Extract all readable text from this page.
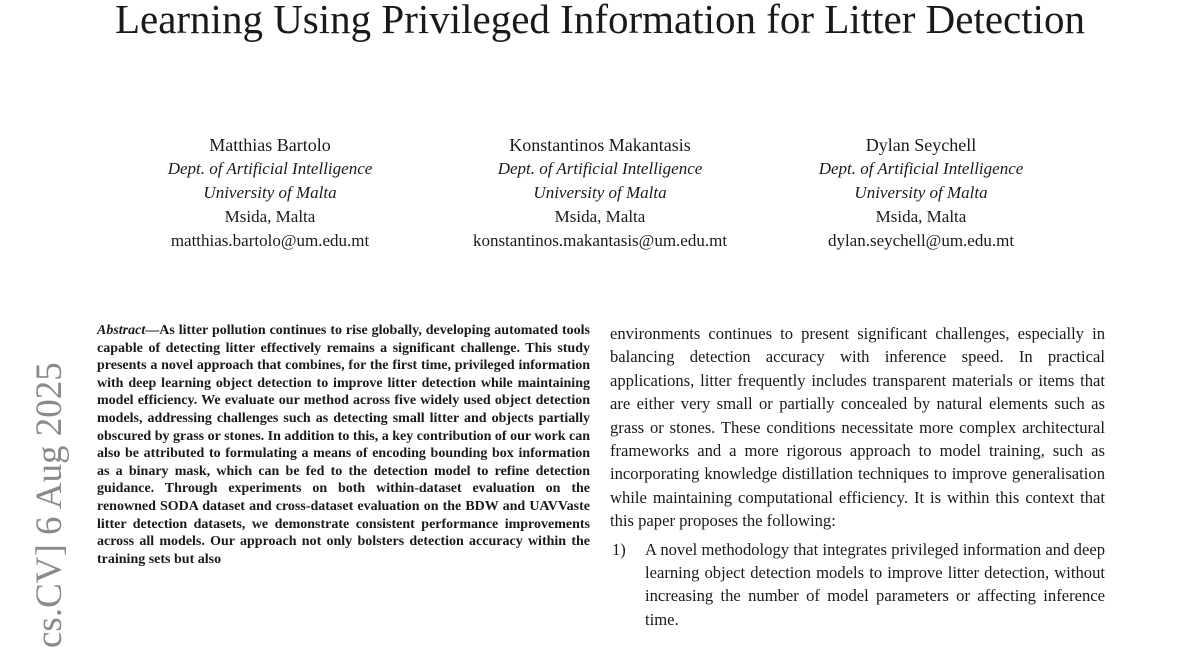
Learning Using Privileged Information for Litter Detection
Matthias Bartolo
Dept. of Artificial Intelligence
University of Malta
Msida, Malta
matthias.bartolo@um.edu.mt
Konstantinos Makantasis
Dept. of Artificial Intelligence
University of Malta
Msida, Malta
konstantinos.makantasis@um.edu.mt
Dylan Seychell
Dept. of Artificial Intelligence
University of Malta
Msida, Malta
dylan.seychell@um.edu.mt
cs.CV] 6 Aug 2025
Abstract—As litter pollution continues to rise globally, developing automated tools capable of detecting litter effectively remains a significant challenge. This study presents a novel approach that combines, for the first time, privileged information with deep learning object detection to improve litter detection while maintaining model efficiency. We evaluate our method across five widely used object detection models, addressing challenges such as detecting small litter and objects partially obscured by grass or stones. In addition to this, a key contribution of our work can also be attributed to formulating a means of encoding bounding box information as a binary mask, which can be fed to the detection model to refine detection guidance. Through experiments on both within-dataset evaluation on the renowned SODA dataset and cross-dataset evaluation on the BDW and UAVVaste litter detection datasets, we demonstrate consistent performance improvements across all models. Our approach not only bolsters detection accuracy within the training sets but also

environments continues to present significant challenges, especially in balancing detection accuracy with inference speed. In practical applications, litter frequently includes transparent materials or items that are either very small or partially concealed by natural elements such as grass or stones. These conditions necessitate more complex architectural frameworks and a more rigorous approach to model training, such as incorporating knowledge distillation techniques to improve generalisation while maintaining computational efficiency. It is within this context that this paper proposes the following:

1) A novel methodology that integrates privileged information and deep learning object detection models to improve litter detection, without increasing the number of model parameters or affecting inference time.
